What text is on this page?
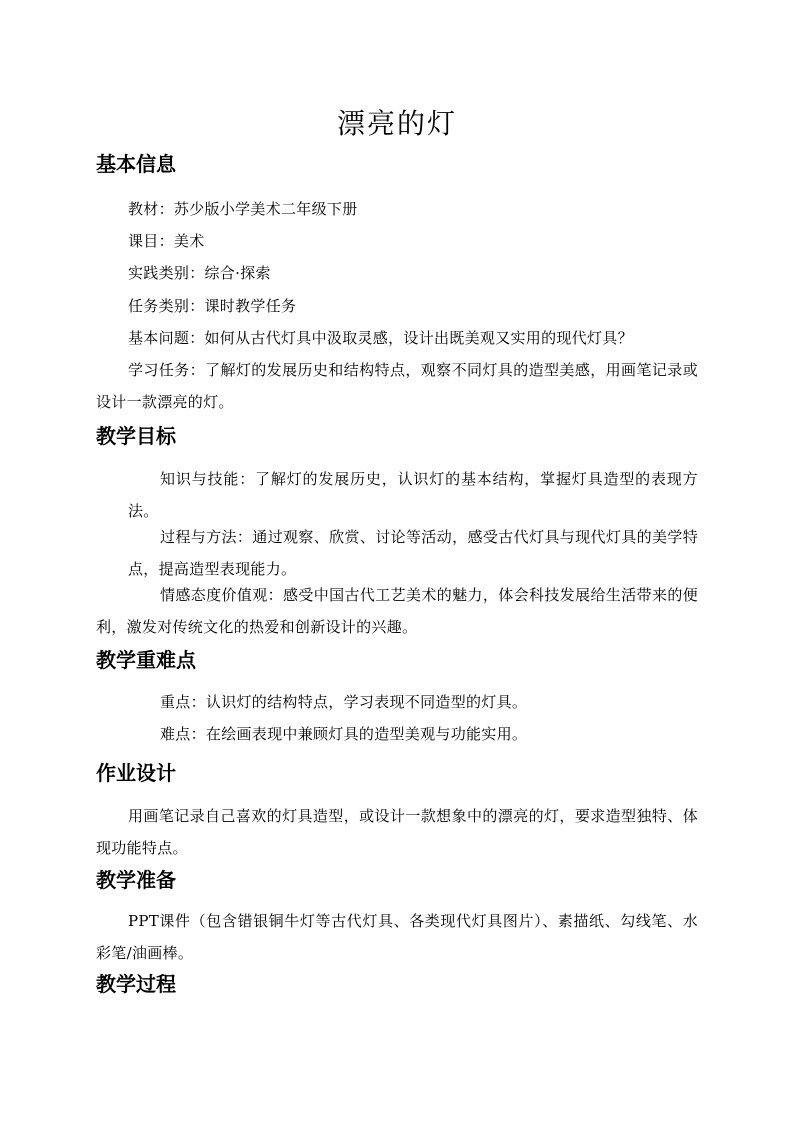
漂亮的灯
基本信息
教材：苏少版小学美术二年级下册
课目：美术
实践类别：综合·探索
任务类别：课时教学任务
基本问题：如何从古代灯具中汲取灵感，设计出既美观又实用的现代灯具？
学习任务：了解灯的发展历史和结构特点，观察不同灯具的造型美感，用画笔记录或设计一款漂亮的灯。
教学目标
知识与技能：了解灯的发展历史，认识灯的基本结构，掌握灯具造型的表现方法。
过程与方法：通过观察、欣赏、讨论等活动，感受古代灯具与现代灯具的美学特点，提高造型表现能力。
情感态度价值观：感受中国古代工艺美术的魅力，体会科技发展给生活带来的便利，激发对传统文化的热爱和创新设计的兴趣。
教学重难点
重点：认识灯的结构特点，学习表现不同造型的灯具。
难点：在绘画表现中兼顾灯具的造型美观与功能实用。
作业设计
用画笔记录自己喜欢的灯具造型，或设计一款想象中的漂亮的灯，要求造型独特、体现功能特点。
教学准备
PPT课件（包含错银铜牛灯等古代灯具、各类现代灯具图片）、素描纸、勾线笔、水彩笔/油画棒。
教学过程
